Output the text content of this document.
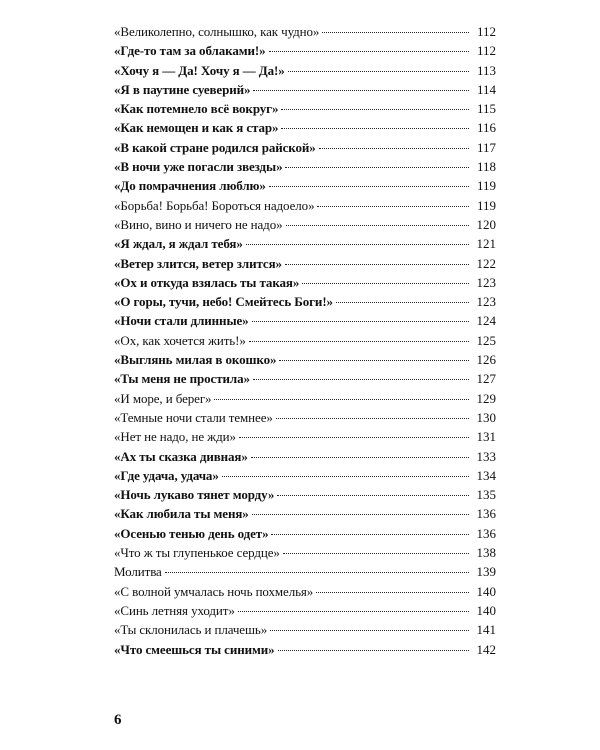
«Великолепно, солнышко, как чудно»	112
«Где-то там за облаками!»	112
«Хочу я — Да! Хочу я — Да!»	113
«Я в паутине суеверий»	114
«Как потемнело всё вокруг»	115
«Как немощен и как я стар»	116
«В какой стране родился райской»	117
«В ночи уже погасли звезды»	118
«До помрачнения люблю»	119
«Борьба! Борьба! Бороться надоело»	119
«Вино, вино и ничего не надо»	120
«Я ждал, я ждал тебя»	121
«Ветер злится, ветер злится»	122
«Ох и откуда взялась ты такая»	123
«О горы, тучи, небо! Смейтесь Боги!»	123
«Ночи стали длинные»	124
«Ох, как хочется жить!»	125
«Выглянь милая в окошко»	126
«Ты меня не простила»	127
«И море, и берег»	129
«Темные ночи стали темнее»	130
«Нет не надо, не жди»	131
«Ах ты сказка дивная»	133
«Где удача, удача»	134
«Ночь лукаво тянет морду»	135
«Как любила ты меня»	136
«Осенью тенью день одет»	136
«Что ж ты глупенькое сердце»	138
Молитва	139
«С волной умчалась ночь похмелья»	140
«Синь летняя уходит»	140
«Ты склонилась и плачешь»	141
«Что смеешься ты синими»	142
6
